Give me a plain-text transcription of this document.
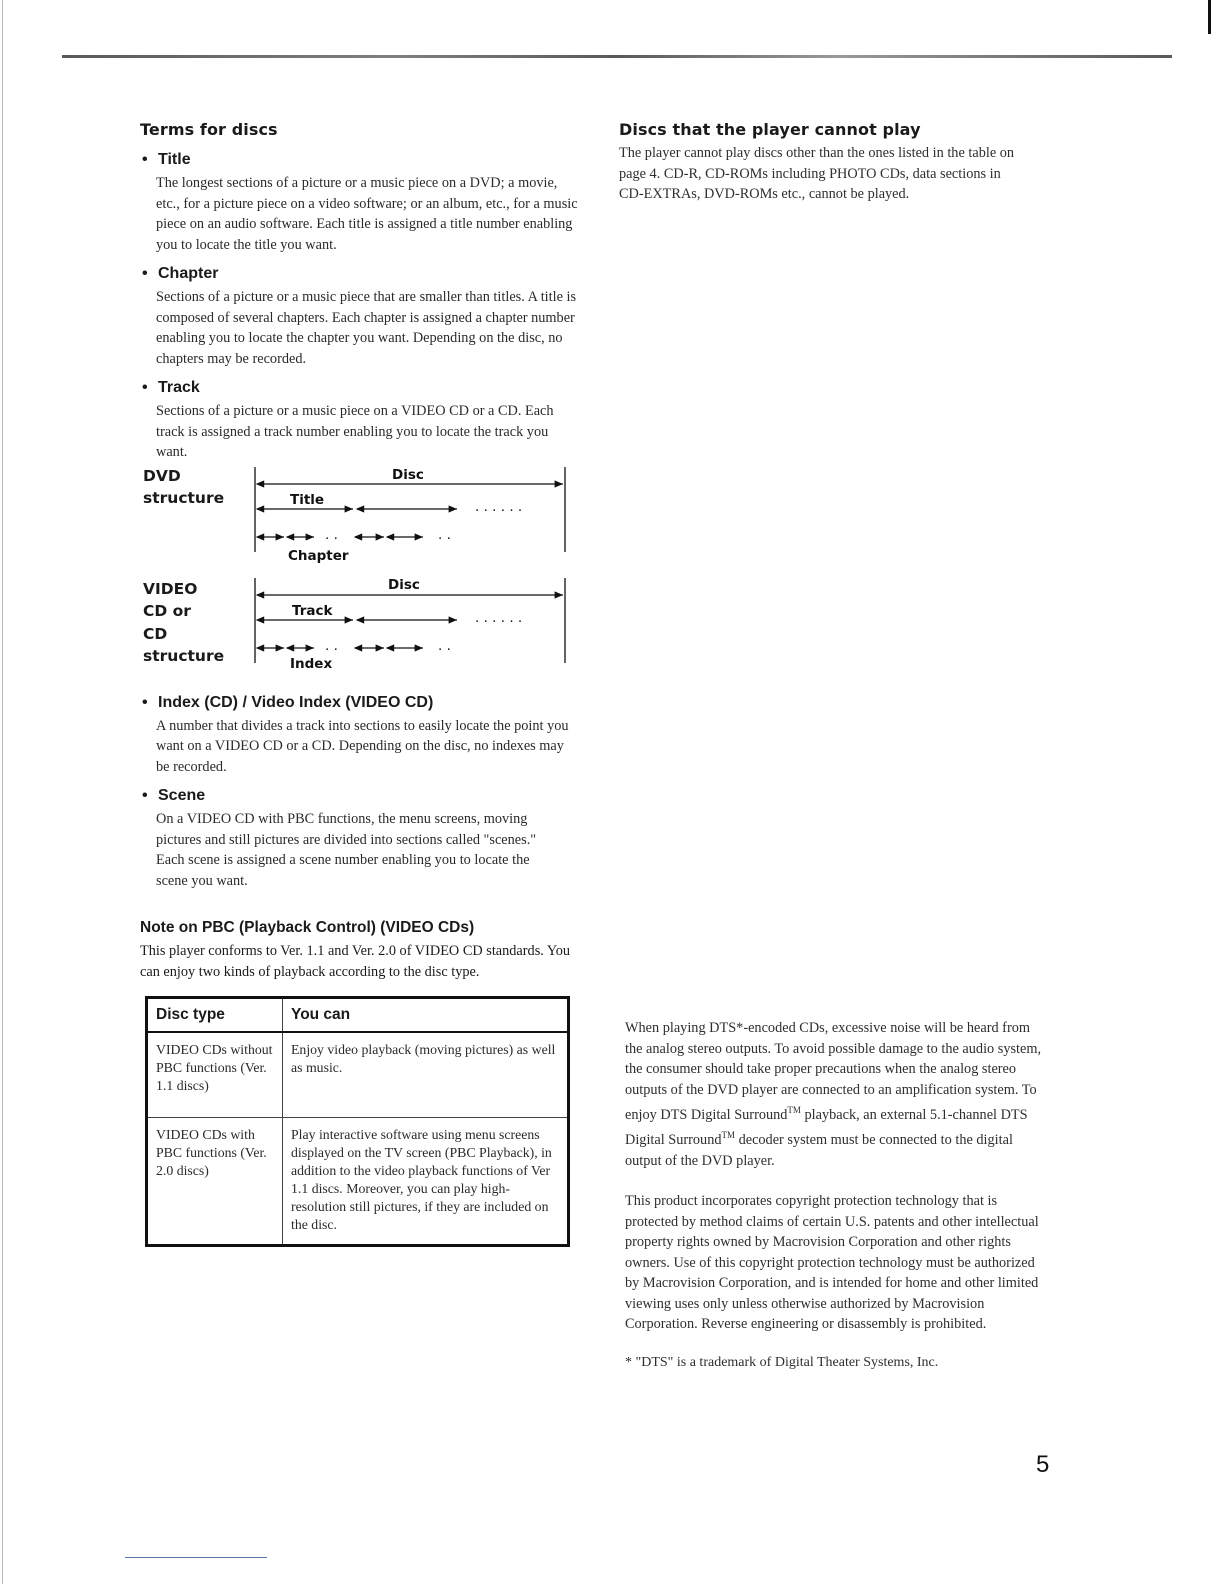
Terms for discs
• Title
The longest sections of a picture or a music piece on a DVD; a movie, etc., for a picture piece on a video software; or an album, etc., for a music piece on an audio software. Each title is assigned a title number enabling you to locate the title you want.
• Chapter
Sections of a picture or a music piece that are smaller than titles. A title is composed of several chapters. Each chapter is assigned a chapter number enabling you to locate the chapter you want. Depending on the disc, no chapters may be recorded.
• Track
Sections of a picture or a music piece on a VIDEO CD or a CD. Each track is assigned a track number enabling you to locate the track you want.
DVD
structure
Disc
Title	. . . . . .
. .	. .
Chapter
VIDEO
CD or
CD
structure
Disc
Track	. . . . . .
. .	. .
Index
• Index (CD) / Video Index (VIDEO CD)
A number that divides a track into sections to easily locate the point you want on a VIDEO CD or a CD. Depending on the disc, no indexes may be recorded.
• Scene
On a VIDEO CD with PBC functions, the menu screens, moving pictures and still pictures are divided into sections called "scenes." Each scene is assigned a scene number enabling you to locate the scene you want.
Note on PBC (Playback Control) (VIDEO CDs)

This player conforms to Ver. 1.1 and Ver. 2.0 of VIDEO CD standards. You can enjoy two kinds of playback according to the disc type.

Disc type	You can
VIDEO CDs without PBC functions (Ver. 1.1 discs)	Enjoy video playback (moving pictures) as well as music.
VIDEO CDs with PBC functions (Ver. 2.0 discs)	Play interactive software using menu screens displayed on the TV screen (PBC Playback), in addition to the video playback functions of Ver 1.1 discs. Moreover, you can play high-resolution still pictures, if they are included on the disc.
Discs that the player cannot play

The player cannot play discs other than the ones listed in the table on page 4. CD-R, CD-ROMs including PHOTO CDs, data sections in CD-EXTRAs, DVD-ROMs etc., cannot be played.

When playing DTS*-encoded CDs, excessive noise will be heard from the analog stereo outputs. To avoid possible damage to the audio system, the consumer should take proper precautions when the analog stereo outputs of the DVD player are connected to an amplification system. To enjoy DTS Digital Surround™ playback, an external 5.1-channel DTS Digital Surround™ decoder system must be connected to the digital output of the DVD player.

This product incorporates copyright protection technology that is protected by method claims of certain U.S. patents and other intellectual property rights owned by Macrovision Corporation and other rights owners. Use of this copyright protection technology must be authorized by Macrovision Corporation, and is intended for home and other limited viewing uses only unless otherwise authorized by Macrovision Corporation. Reverse engineering or disassembly is prohibited.

* "DTS" is a trademark of Digital Theater Systems, Inc.

5
